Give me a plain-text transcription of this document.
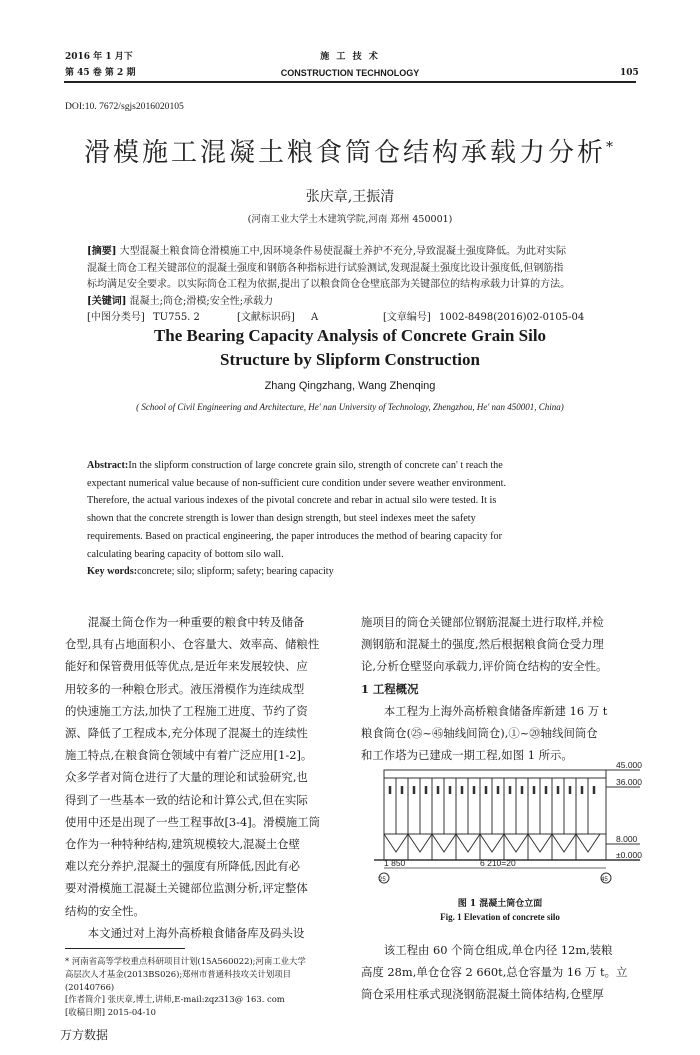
2016 年 1 月下
第 45 卷 第 2 期
施 工 技 术
CONSTRUCTION TECHNOLOGY	105
DOI:10. 7672/sgjs2016020105
滑模施工混凝土粮食筒仓结构承载力分析*
张庆章,王振清
(河南工业大学土木建筑学院,河南 郑州 450001)
[摘要] 大型混凝土粮食筒仓滑模施工中,因环境条件易使混凝土养护不充分,导致混凝土强度降低。为此对实际
混凝土筒仓工程关键部位的混凝土强度和钢筋各种指标进行试验测试,发现混凝土强度比设计强度低,但钢筋指
标均满足安全要求。以实际筒仓工程为依据,提出了以粮食筒仓仓壁底部为关键部位的结构承载力计算的方法。
[关键词] 混凝土;筒仓;滑模;安全性;承载力
[中图分类号] TU755. 2	[文献标识码] A	[文章编号] 1002-8498(2016)02-0105-04
The Bearing Capacity Analysis of Concrete Grain Silo
Structure by Slipform Construction
Zhang Qingzhang, Wang Zhenqing
( School of Civil Engineering and Architecture, He' nan University of Technology, Zhengzhou, He' nan 450001, China)
Abstract:In the slipform construction of large concrete grain silo, strength of concrete can' t reach the
expectant numerical value because of non-sufficient cure condition under severe weather environment.
Therefore, the actual various indexes of the pivotal concrete and rebar in actual silo were tested. It is
shown that the concrete strength is lower than design strength, but steel indexes meet the safety
requirements. Based on practical engineering, the paper introduces the method of bearing capacity for
calculating bearing capacity of bottom silo wall.
Key words:concrete; silo; slipform; safety; bearing capacity

混凝土筒仓作为一种重要的粮食中转及储备

仓型,具有占地面积小、仓容量大、效率高、储粮性
能好和保管费用低等优点,是近年来发展较快、应
用较多的一种粮仓形式。液压滑模作为连续成型
的快速施工方法,加快了工程施工进度、节约了资
源、降低了工程成本,充分体现了混凝土的连续性
施工特点,在粮食筒仓领域中有着广泛应用[1-2]。
众多学者对筒仓进行了大量的理论和试验研究,也
得到了一些基本一致的结论和计算公式,但在实际
使用中还是出现了一些工程事故[3-4]。滑模施工筒
仓作为一种特种结构,建筑规模较大,混凝土仓壁
难以充分养护,混凝土的强度有所降低,因此有必
要对滑模施工混凝土关键部位监测分析,评定整体
结构的安全性。

本文通过对上海外高桥粮食储备库及码头设

* 河南省高等学校重点科研项目计划(15A560022);河南工业大学
高层次人才基金(2013BS026);郑州市普通科技攻关计划项目
(20140766)
[作者简介] 张庆章,博士,讲师,E-mail:zqz313@ 163. com
[收稿日期] 2015-04-10
施项目的筒仓关键部位钢筋混凝土进行取样,并检
测钢筋和混凝土的强度,然后根据粮食筒仓受力理
论,分析仓壁竖向承载力,评价筒仓结构的安全性。
1 工程概况

本工程为上海外高桥粮食储备库新建 16 万 t

粮食筒仓(㉕~㊺轴线间筒仓),①~⑳轴线间筒仓
和工作塔为已建成一期工程,如图 1 所示。
45.000
36.000
8.000
±0.000
1 850	6 210=20
25	45
图 1 混凝土筒仓立面
Fig. 1 Elevation of concrete silo

该工程由 60 个筒仓组成,单仓内径 12m,装粮

高度 28m,单仓仓容 2 660t,总仓容量为 16 万 t。立
筒仓采用柱承式现浇钢筋混凝土筒体结构,仓壁厚
万方数据
